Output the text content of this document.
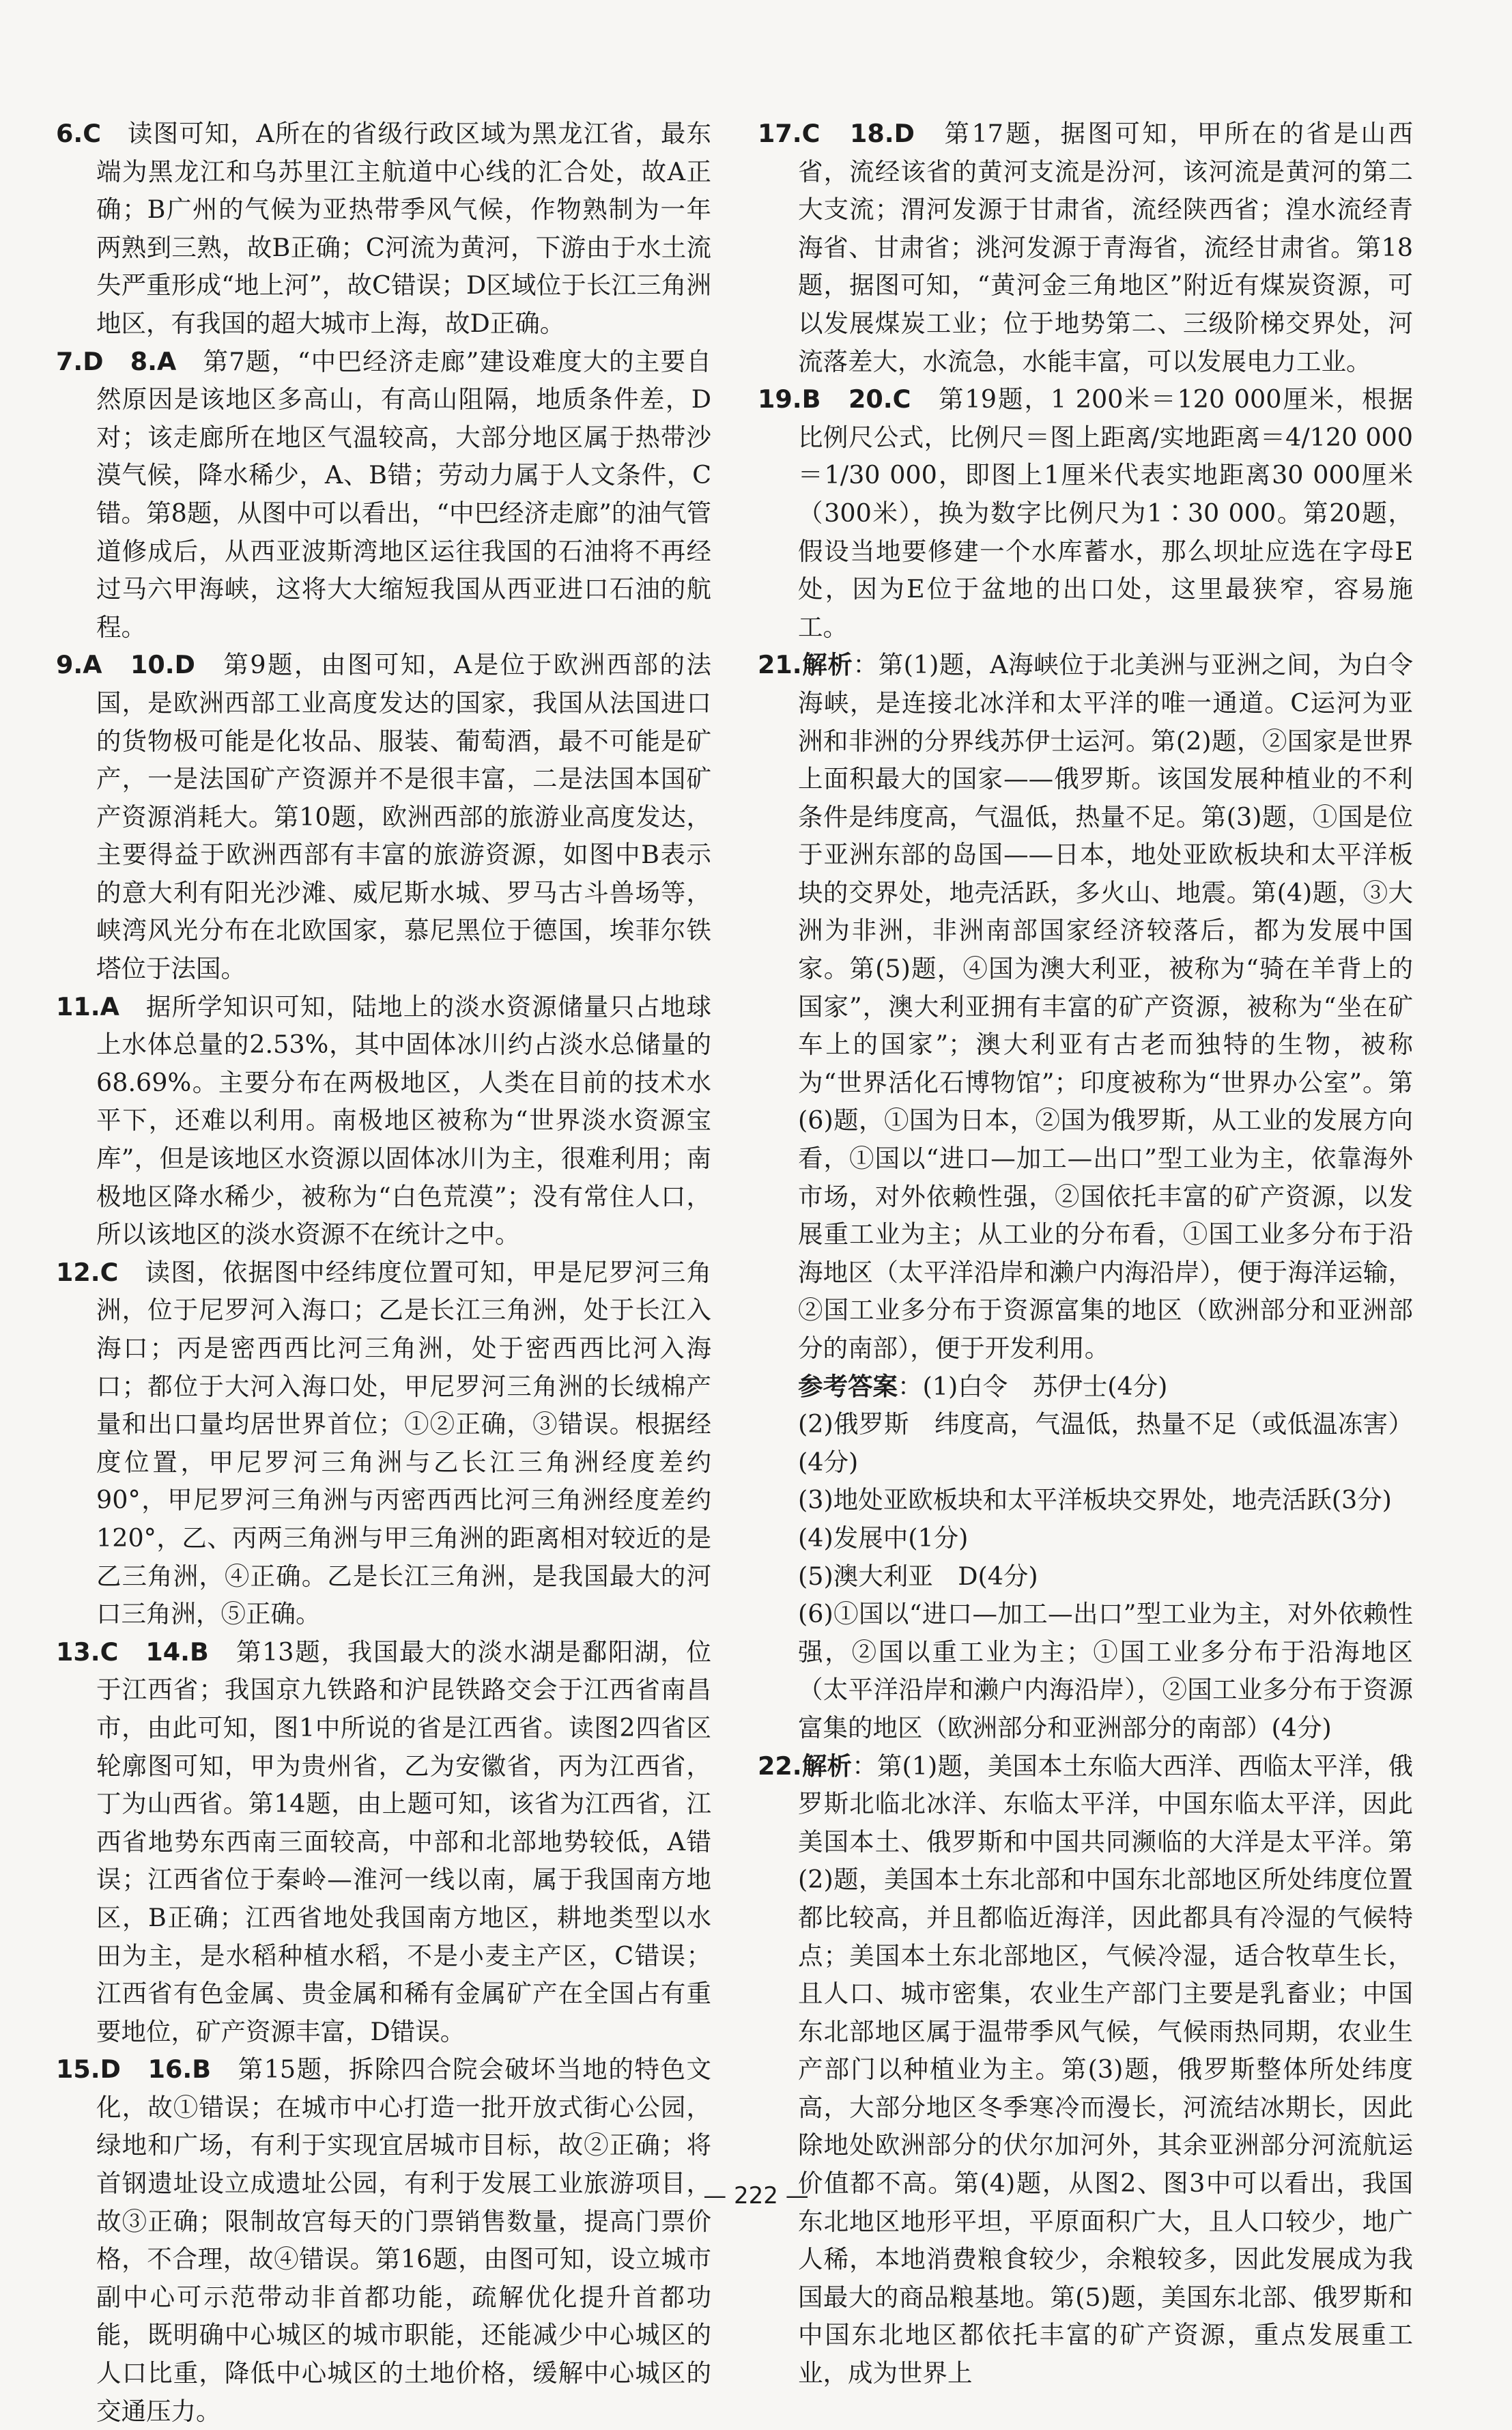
6.C　读图可知，A所在的省级行政区域为黑龙江省，最东端为黑龙江和乌苏里江主航道中心线的汇合处，故A正确；B广州的气候为亚热带季风气候，作物熟制为一年两熟到三熟，故B正确；C河流为黄河，下游由于水土流失严重形成“地上河”，故C错误；D区域位于长江三角洲地区，有我国的超大城市上海，故D正确。

7.D　8.A　第7题，“中巴经济走廊”建设难度大的主要自然原因是该地区多高山，有高山阻隔，地质条件差，D对；该走廊所在地区气温较高，大部分地区属于热带沙漠气候，降水稀少，A、B错；劳动力属于人文条件，C错。第8题，从图中可以看出，“中巴经济走廊”的油气管道修成后，从西亚波斯湾地区运往我国的石油将不再经过马六甲海峡，这将大大缩短我国从西亚进口石油的航程。

9.A　10.D　第9题，由图可知，A是位于欧洲西部的法国，是欧洲西部工业高度发达的国家，我国从法国进口的货物极可能是化妆品、服装、葡萄酒，最不可能是矿产，一是法国矿产资源并不是很丰富，二是法国本国矿产资源消耗大。第10题，欧洲西部的旅游业高度发达，主要得益于欧洲西部有丰富的旅游资源，如图中B表示的意大利有阳光沙滩、威尼斯水城、罗马古斗兽场等，峡湾风光分布在北欧国家，慕尼黑位于德国，埃菲尔铁塔位于法国。

11.A　据所学知识可知，陆地上的淡水资源储量只占地球上水体总量的2.53%，其中固体冰川约占淡水总储量的68.69%。主要分布在两极地区，人类在目前的技术水平下，还难以利用。南极地区被称为“世界淡水资源宝库”，但是该地区水资源以固体冰川为主，很难利用；南极地区降水稀少，被称为“白色荒漠”；没有常住人口，所以该地区的淡水资源不在统计之中。

12.C　读图，依据图中经纬度位置可知，甲是尼罗河三角洲，位于尼罗河入海口；乙是长江三角洲，处于长江入海口；丙是密西西比河三角洲，处于密西西比河入海口；都位于大河入海口处，甲尼罗河三角洲的长绒棉产量和出口量均居世界首位；①②正确，③错误。根据经度位置，甲尼罗河三角洲与乙长江三角洲经度差约90°，甲尼罗河三角洲与丙密西西比河三角洲经度差约120°，乙、丙两三角洲与甲三角洲的距离相对较近的是乙三角洲，④正确。乙是长江三角洲，是我国最大的河口三角洲，⑤正确。

13.C　14.B　第13题，我国最大的淡水湖是鄱阳湖，位于江西省；我国京九铁路和沪昆铁路交会于江西省南昌市，由此可知，图1中所说的省是江西省。读图2四省区轮廓图可知，甲为贵州省，乙为安徽省，丙为江西省，丁为山西省。第14题，由上题可知，该省为江西省，江西省地势东西南三面较高，中部和北部地势较低，A错误；江西省位于秦岭—淮河一线以南，属于我国南方地区，B正确；江西省地处我国南方地区，耕地类型以水田为主，是水稻种植水稻，不是小麦主产区，C错误；江西省有色金属、贵金属和稀有金属矿产在全国占有重要地位，矿产资源丰富，D错误。

15.D　16.B　第15题，拆除四合院会破坏当地的特色文化，故①错误；在城市中心打造一批开放式街心公园，绿地和广场，有利于实现宜居城市目标，故②正确；将首钢遗址设立成遗址公园，有利于发展工业旅游项目，故③正确；限制故宫每天的门票销售数量，提高门票价格，不合理，故④错误。第16题，由图可知，设立城市副中心可示范带动非首都功能，疏解优化提升首都功能，既明确中心城区的城市职能，还能减少中心城区的人口比重，降低中心城区的土地价格，缓解中心城区的交通压力。

17.C　18.D　第17题，据图可知，甲所在的省是山西省，流经该省的黄河支流是汾河，该河流是黄河的第二大支流；渭河发源于甘肃省，流经陕西省；湟水流经青海省、甘肃省；洮河发源于青海省，流经甘肃省。第18题，据图可知，“黄河金三角地区”附近有煤炭资源，可以发展煤炭工业；位于地势第二、三级阶梯交界处，河流落差大，水流急，水能丰富，可以发展电力工业。

19.B　20.C　第19题，1 200米＝120 000厘米，根据比例尺公式，比例尺＝图上距离/实地距离＝4/120 000＝1/30 000，即图上1厘米代表实地距离30 000厘米（300米），换为数字比例尺为1∶30 000。第20题，假设当地要修建一个水库蓄水，那么坝址应选在字母E处，因为E位于盆地的出口处，这里最狭窄，容易施工。

21.解析：第(1)题，A海峡位于北美洲与亚洲之间，为白令海峡，是连接北冰洋和太平洋的唯一通道。C运河为亚洲和非洲的分界线苏伊士运河。第(2)题，②国家是世界上面积最大的国家——俄罗斯。该国发展种植业的不利条件是纬度高，气温低，热量不足。第(3)题，①国是位于亚洲东部的岛国——日本，地处亚欧板块和太平洋板块的交界处，地壳活跃，多火山、地震。第(4)题，③大洲为非洲，非洲南部国家经济较落后，都为发展中国家。第(5)题，④国为澳大利亚，被称为“骑在羊背上的国家”，澳大利亚拥有丰富的矿产资源，被称为“坐在矿车上的国家”；澳大利亚有古老而独特的生物，被称为“世界活化石博物馆”；印度被称为“世界办公室”。第(6)题，①国为日本，②国为俄罗斯，从工业的发展方向看，①国以“进口—加工—出口”型工业为主，依靠海外市场，对外依赖性强，②国依托丰富的矿产资源，以发展重工业为主；从工业的分布看，①国工业多分布于沿海地区（太平洋沿岸和濑户内海沿岸），便于海洋运输，②国工业多分布于资源富集的地区（欧洲部分和亚洲部分的南部），便于开发利用。

参考答案：(1)白令　苏伊士(4分)

(2)俄罗斯　纬度高，气温低，热量不足（或低温冻害）(4分)

(3)地处亚欧板块和太平洋板块交界处，地壳活跃(3分)

(4)发展中(1分)

(5)澳大利亚　D(4分)

(6)①国以“进口—加工—出口”型工业为主，对外依赖性强，②国以重工业为主；①国工业多分布于沿海地区（太平洋沿岸和濑户内海沿岸），②国工业多分布于资源富集的地区（欧洲部分和亚洲部分的南部）(4分)

22.解析：第(1)题，美国本土东临大西洋、西临太平洋，俄罗斯北临北冰洋、东临太平洋，中国东临太平洋，因此美国本土、俄罗斯和中国共同濒临的大洋是太平洋。第(2)题，美国本土东北部和中国东北部地区所处纬度位置都比较高，并且都临近海洋，因此都具有冷湿的气候特点；美国本土东北部地区，气候冷湿，适合牧草生长，且人口、城市密集，农业生产部门主要是乳畜业；中国东北部地区属于温带季风气候，气候雨热同期，农业生产部门以种植业为主。第(3)题，俄罗斯整体所处纬度高，大部分地区冬季寒冷而漫长，河流结冰期长，因此除地处欧洲部分的伏尔加河外，其余亚洲部分河流航运价值都不高。第(4)题，从图2、图3中可以看出，我国东北地区地形平坦，平原面积广大，且人口较少，地广人稀，本地消费粮食较少，余粮较多，因此发展成为我国最大的商品粮基地。第(5)题，美国东北部、俄罗斯和中国东北地区都依托丰富的矿产资源，重点发展重工业，成为世界上

— 222 —
